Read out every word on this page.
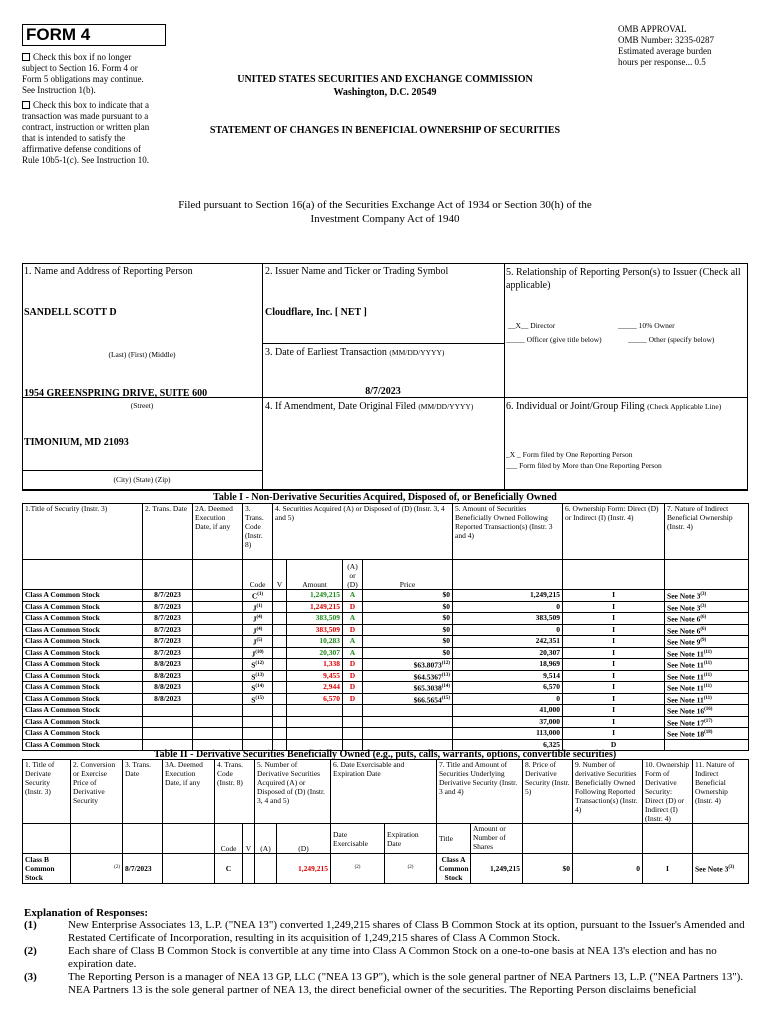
FORM 4
Check this box if no longer subject to Section 16. Form 4 or Form 5 obligations may continue. See Instruction 1(b).
Check this box to indicate that a transaction was made pursuant to a contract, instruction or written plan that is intended to satisfy the affirmative defense conditions of Rule 10b5-1(c). See Instruction 10.
UNITED STATES SECURITIES AND EXCHANGE COMMISSION
Washington, D.C. 20549
STATEMENT OF CHANGES IN BENEFICIAL OWNERSHIP OF SECURITIES
OMB APPROVAL
OMB Number: 3235-0287
Estimated average burden
hours per response... 0.5
Filed pursuant to Section 16(a) of the Securities Exchange Act of 1934 or Section 30(h) of the
Investment Company Act of 1940
1. Name and Address of Reporting Person
SANDELL SCOTT D
(Last) (First) (Middle)
1954 GREENSPRING DRIVE, SUITE 600
(Street)
TIMONIUM, MD 21093
(City) (State) (Zip)
2. Issuer Name and Ticker or Trading Symbol
Cloudflare, Inc. [ NET ]
3. Date of Earliest Transaction (MM/DD/YYYY)
8/7/2023
4. If Amendment, Date Original Filed (MM/DD/YYYY)
5. Relationship of Reporting Person(s) to Issuer (Check all applicable)
__X__ Director	_____ 10% Owner
_____ Officer (give title below)	_____ Other (specify below)
6. Individual or Joint/Group Filing (Check Applicable Line)
_X _ Form filed by One Reporting Person
___ Form filed by More than One Reporting Person
Table I - Non-Derivative Securities Acquired, Disposed of, or Beneficially Owned
1.Title of Security (Instr. 3)	2. Trans. Date	2A. Deemed Execution Date, if any	3. Trans. Code (Instr. 8)	4. Securities Acquired (A) or Disposed of (D) (Instr. 3, 4 and 5)				5. Amount of Securities Beneficially Owned Following Reported Transaction(s) (Instr. 3 and 4)	6. Ownership Form: Direct (D) or Indirect (I) (Instr. 4)	7. Nature of Indirect Beneficial Ownership (Instr. 4)
			Code	V	Amount	(A) or (D)	Price			
Class A Common Stock	8/7/2023		$C^{(1)}$		1,249,215	A	$0	1,249,215	I	See Note 3$^{(3)}$
Class A Common Stock	8/7/2023		$J^{(1)}$		1,249,215	D	$0	0	I	See Note 3$^{(3)}$
Class A Common Stock	8/7/2023		$J^{(4)}$		383,509	A	$0	383,509	I	See Note 6$^{(6)}$
Class A Common Stock	8/7/2023		$J^{(4)}$		383,509	D	$0	0	I	See Note 6$^{(6)}$
Class A Common Stock	8/7/2023		$J^{(5)}$		10,283	A	$0	242,351	I	See Note 9$^{(9)}$
Class A Common Stock	8/7/2023		$J^{(10)}$		20,307	A	$0	20,307	I	See Note 11$^{(11)}$
Class A Common Stock	8/8/2023		$S^{(12)}$		1,338	D	$63.8073$^{(12)}$	18,969	I	See Note 11$^{(11)}$
Class A Common Stock	8/8/2023		$S^{(13)}$		9,455	D	$64.5367$^{(13)}$	9,514	I	See Note 11$^{(11)}$
Class A Common Stock	8/8/2023		$S^{(14)}$		2,944	D	$65.3038$^{(14)}$	6,570	I	See Note 11$^{(11)}$
Class A Common Stock	8/8/2023		$S^{(15)}$		6,570	D	$66.5654$^{(15)}$	0	I	See Note 11$^{(11)}$
Class A Common Stock								41,000	I	See Note 16$^{(16)}$
Class A Common Stock								37,000	I	See Note 17$^{(17)}$
Class A Common Stock								113,000	I	See Note 18$^{(18)}$
Class A Common Stock								6,325	D	
Table II - Derivative Securities Beneficially Owned (e.g., puts, calls, warrants, options, convertible securities)
1. Title of Derivate Security (Instr. 3)	2. Conversion or Exercise Price of Derivative Security	3. Trans. Date	3A. Deemed Execution Date, if any	4. Trans. Code (Instr. 8)		5. Number of Derivative Securities Acquired (A) or Disposed of (D) (Instr. 3, 4 and 5)		6. Date Exercisable and Expiration Date		7. Title and Amount of Securities Underlying Derivative Security (Instr. 3 and 4)		8. Price of Derivative Security (Instr. 5)	9. Number of derivative Securities Beneficially Owned Following Reported Transaction(s) (Instr. 4)	10. Ownership Form of Derivative Security: Direct (D) or Indirect (I) (Instr. 4)	11. Nature of Indirect Beneficial Ownership (Instr. 4)
				Code	V	(A)	(D)	Date Exercisable	Expiration Date	Title	Amount or Number of Shares				
Class B Common Stock	$^{(2)}$	8/7/2023		C			1,249,215	$^{(2)}$	$^{(2)}$	Class A Common Stock	1,249,215	$0	0	I	See Note 3$^{(3)}$
Explanation of Responses:
(1)	New Enterprise Associates 13, L.P. ("NEA 13") converted 1,249,215 shares of Class B Common Stock at its option, pursuant to the Issuer's Amended and Restated Certificate of Incorporation, resulting in its acquisition of 1,249,215 shares of Class A Common Stock.
(2)	Each share of Class B Common Stock is convertible at any time into Class A Common Stock on a one-to-one basis at NEA 13's election and has no expiration date.
(3)	The Reporting Person is a manager of NEA 13 GP, LLC ("NEA 13 GP"), which is the sole general partner of NEA Partners 13, L.P. ("NEA Partners 13"). NEA Partners 13 is the sole general partner of NEA 13, the direct beneficial owner of the securities. The Reporting Person disclaims beneficial
